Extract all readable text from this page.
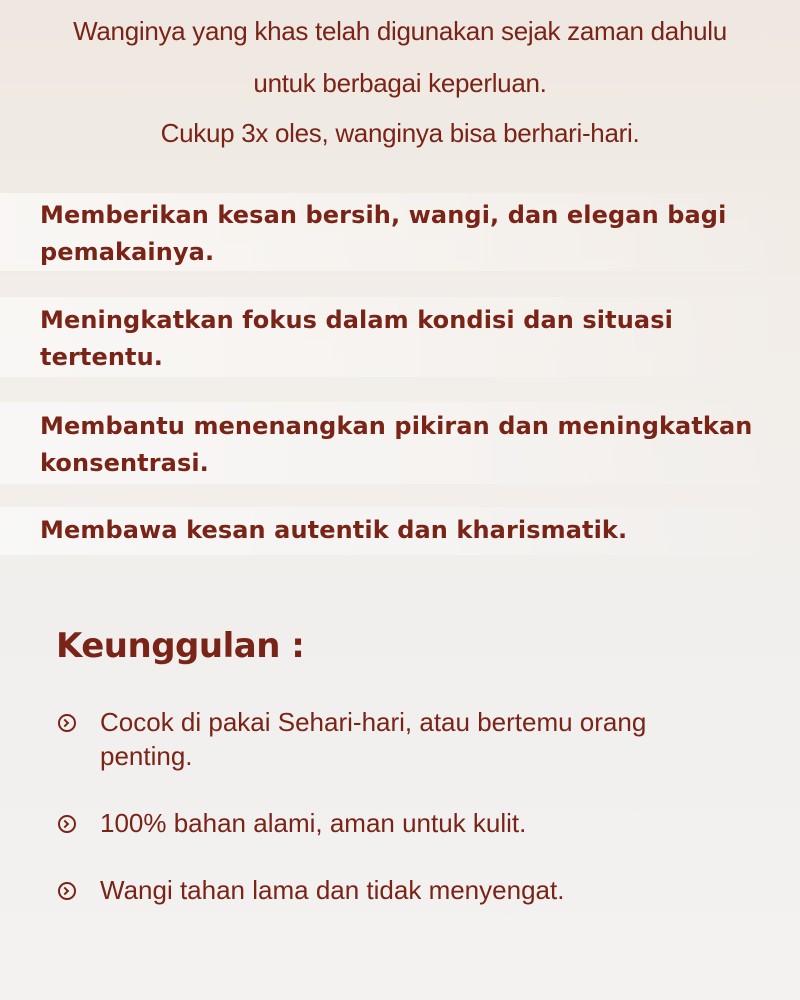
Wanginya yang khas telah digunakan sejak zaman dahulu
untuk berbagai keperluan.
Cukup 3x oles, wanginya bisa berhari-hari.
Memberikan kesan bersih, wangi, dan elegan bagi pemakainya.
Meningkatkan fokus dalam kondisi dan situasi tertentu.
Membantu menenangkan pikiran dan meningkatkan konsentrasi.
Membawa kesan autentik dan kharismatik.
Keunggulan :
Cocok di pakai Sehari-hari, atau bertemu orang penting.
100% bahan alami, aman untuk kulit.
Wangi tahan lama dan tidak menyengat.
